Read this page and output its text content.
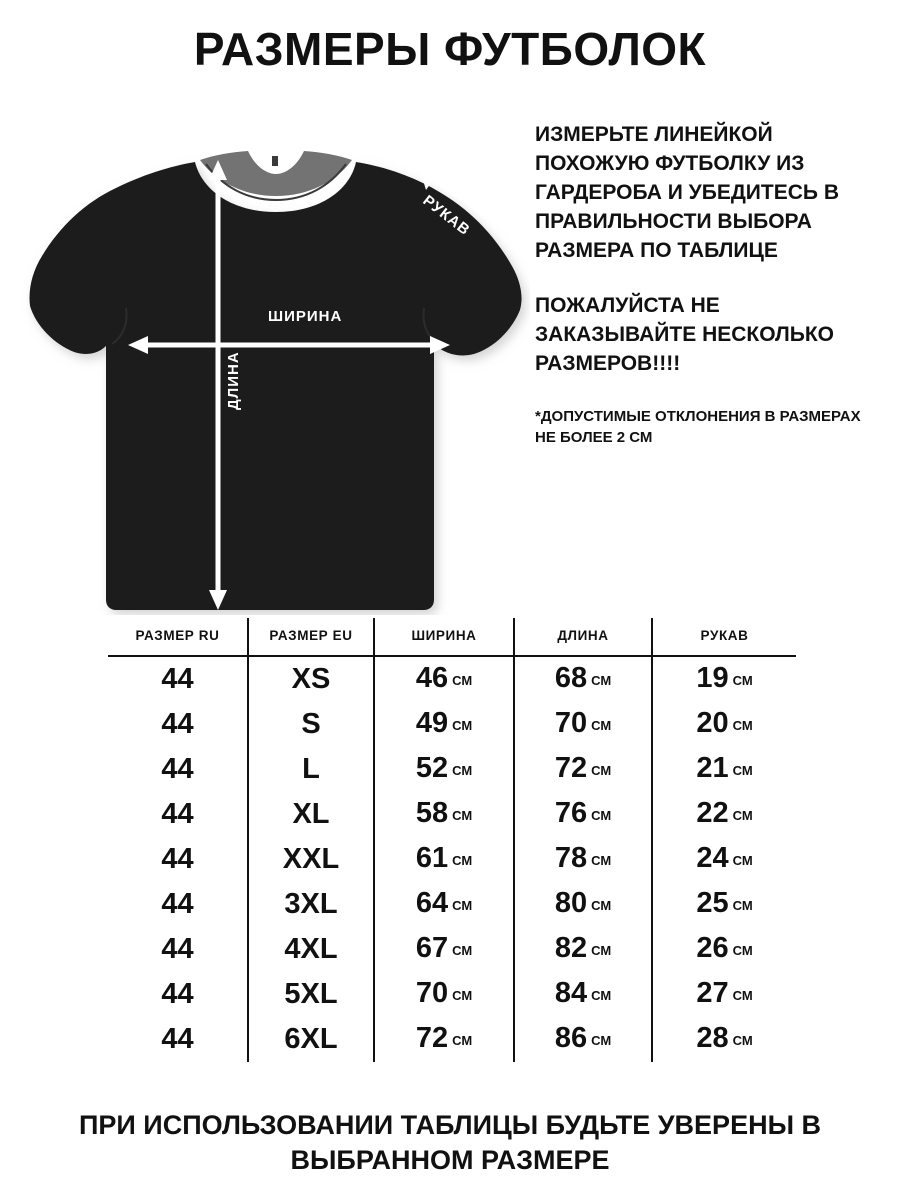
РАЗМЕРЫ ФУТБОЛОК
ШИРИНА
ДЛИНА
РУКАВ

ИЗМЕРЬТЕ ЛИНЕЙКОЙ ПОХОЖУЮ ФУТБОЛКУ ИЗ ГАРДЕРОБА И УБЕДИТЕСЬ В ПРАВИЛЬНОСТИ ВЫБОРА РАЗМЕРА ПО ТАБЛИЦЕ

ПОЖАЛУЙСТА НЕ ЗАКАЗЫВАЙТЕ НЕСКОЛЬКО РАЗМЕРОВ!!!!

*ДОПУСТИМЫЕ ОТКЛОНЕНИЯ В РАЗМЕРАХ НЕ БОЛЕЕ 2 СМ

РАЗМЕР RU	РАЗМЕР EU	ШИРИНА	ДЛИНА	РУКАВ
44	XS	46 СМ	68 СМ	19 СМ
44	S	49 СМ	70 СМ	20 СМ
44	L	52 СМ	72 СМ	21 СМ
44	XL	58 СМ	76 СМ	22 СМ
44	XXL	61 СМ	78 СМ	24 СМ
44	3XL	64 СМ	80 СМ	25 СМ
44	4XL	67 СМ	82 СМ	26 СМ
44	5XL	70 СМ	84 СМ	27 СМ
44	6XL	72 СМ	86 СМ	28 СМ
ПРИ ИСПОЛЬЗОВАНИИ ТАБЛИЦЫ БУДЬТЕ УВЕРЕНЫ В ВЫБРАННОМ РАЗМЕРЕ
